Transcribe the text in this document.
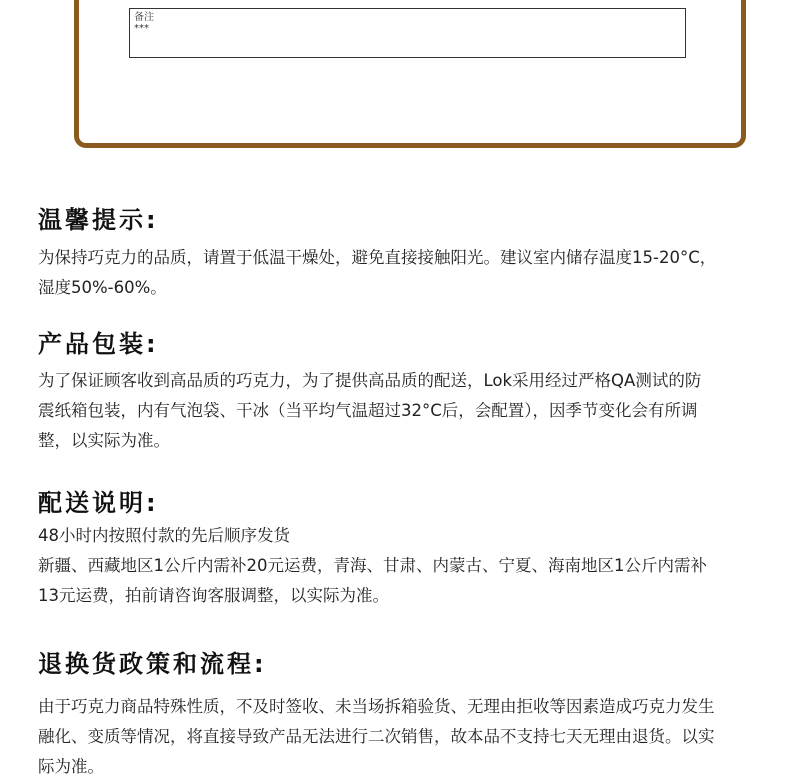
备注
***
温馨提示:

为保持巧克力的品质，请置于低温干燥处，避免直接接触阳光。建议室内储存温度15-20°C，

湿度50%-60%。

产品包装:

为了保证顾客收到高品质的巧克力，为了提供高品质的配送，Lok采用经过严格QA测试的防

震纸箱包装，内有气泡袋、干冰（当平均气温超过32°C后，会配置），因季节变化会有所调

整，以实际为准。

配送说明:

48小时内按照付款的先后顺序发货

新疆、西藏地区1公斤内需补20元运费，青海、甘肃、内蒙古、宁夏、海南地区1公斤内需补

13元运费，拍前请咨询客服调整，以实际为准。

退换货政策和流程:

由于巧克力商品特殊性质，不及时签收、未当场拆箱验货、无理由拒收等因素造成巧克力发生

融化、变质等情况，将直接导致产品无法进行二次销售，故本品不支持七天无理由退货。以实

际为准。
